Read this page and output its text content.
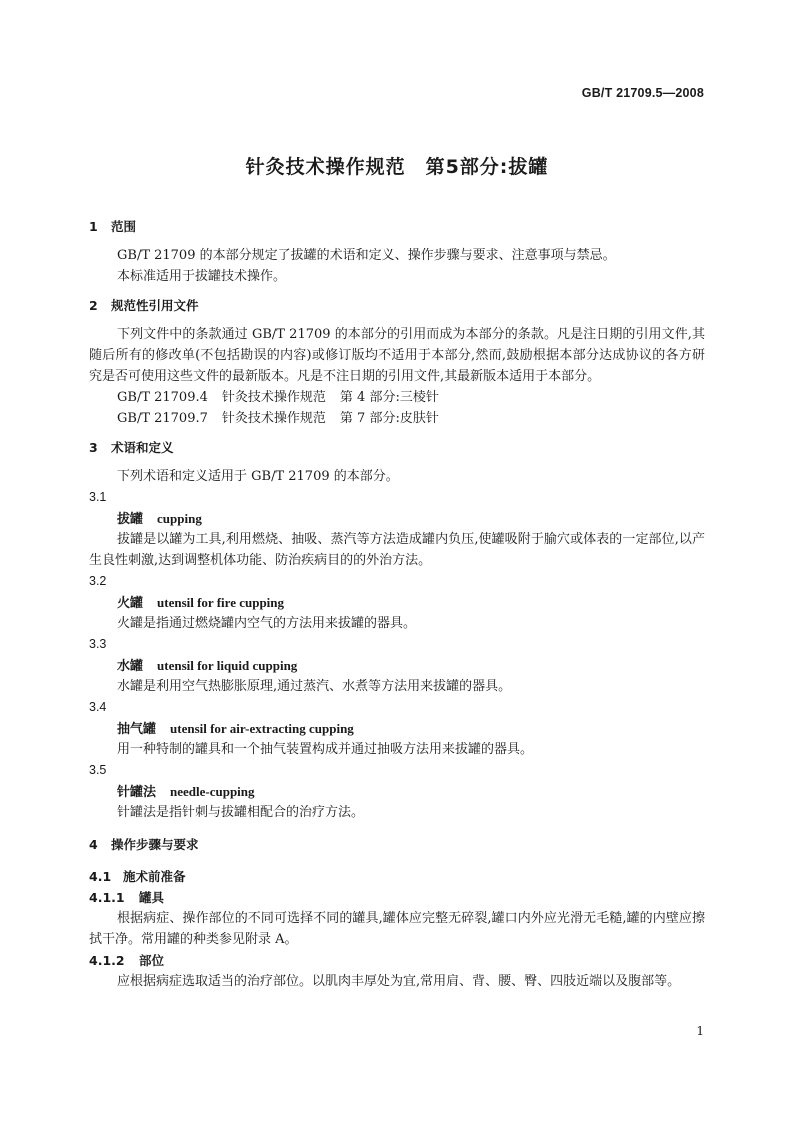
GB/T 21709.5—2008
针灸技术操作规范　第5部分:拔罐
1 范围
GB/T 21709 的本部分规定了拔罐的术语和定义、操作步骤与要求、注意事项与禁忌。
本标准适用于拔罐技术操作。
2 规范性引用文件
下列文件中的条款通过 GB/T 21709 的本部分的引用而成为本部分的条款。凡是注日期的引用文件,其随后所有的修改单(不包括勘误的内容)或修订版均不适用于本部分,然而,鼓励根据本部分达成协议的各方研究是否可使用这些文件的最新版本。凡是不注日期的引用文件,其最新版本适用于本部分。
GB/T 21709.4 针灸技术操作规范 第 4 部分:三棱针
GB/T 21709.7 针灸技术操作规范 第 7 部分:皮肤针
3 术语和定义
下列术语和定义适用于 GB/T 21709 的本部分。
3.1
拔罐 cupping
拔罐是以罐为工具,利用燃烧、抽吸、蒸汽等方法造成罐内负压,使罐吸附于腧穴或体表的一定部位,以产生良性刺激,达到调整机体功能、防治疾病目的的外治方法。
3.2
火罐 utensil for fire cupping
火罐是指通过燃烧罐内空气的方法用来拔罐的器具。
3.3
水罐 utensil for liquid cupping
水罐是利用空气热膨胀原理,通过蒸汽、水煮等方法用来拔罐的器具。
3.4
抽气罐 utensil for air-extracting cupping
用一种特制的罐具和一个抽气装置构成并通过抽吸方法用来拔罐的器具。
3.5
针罐法 needle-cupping
针罐法是指针刺与拔罐相配合的治疗方法。
4 操作步骤与要求
4.1 施术前准备
4.1.1 罐具
根据病症、操作部位的不同可选择不同的罐具,罐体应完整无碎裂,罐口内外应光滑无毛糙,罐的内壁应擦拭干净。常用罐的种类参见附录 A。
4.1.2 部位
应根据病症选取适当的治疗部位。以肌肉丰厚处为宜,常用肩、背、腰、臀、四肢近端以及腹部等。
1
